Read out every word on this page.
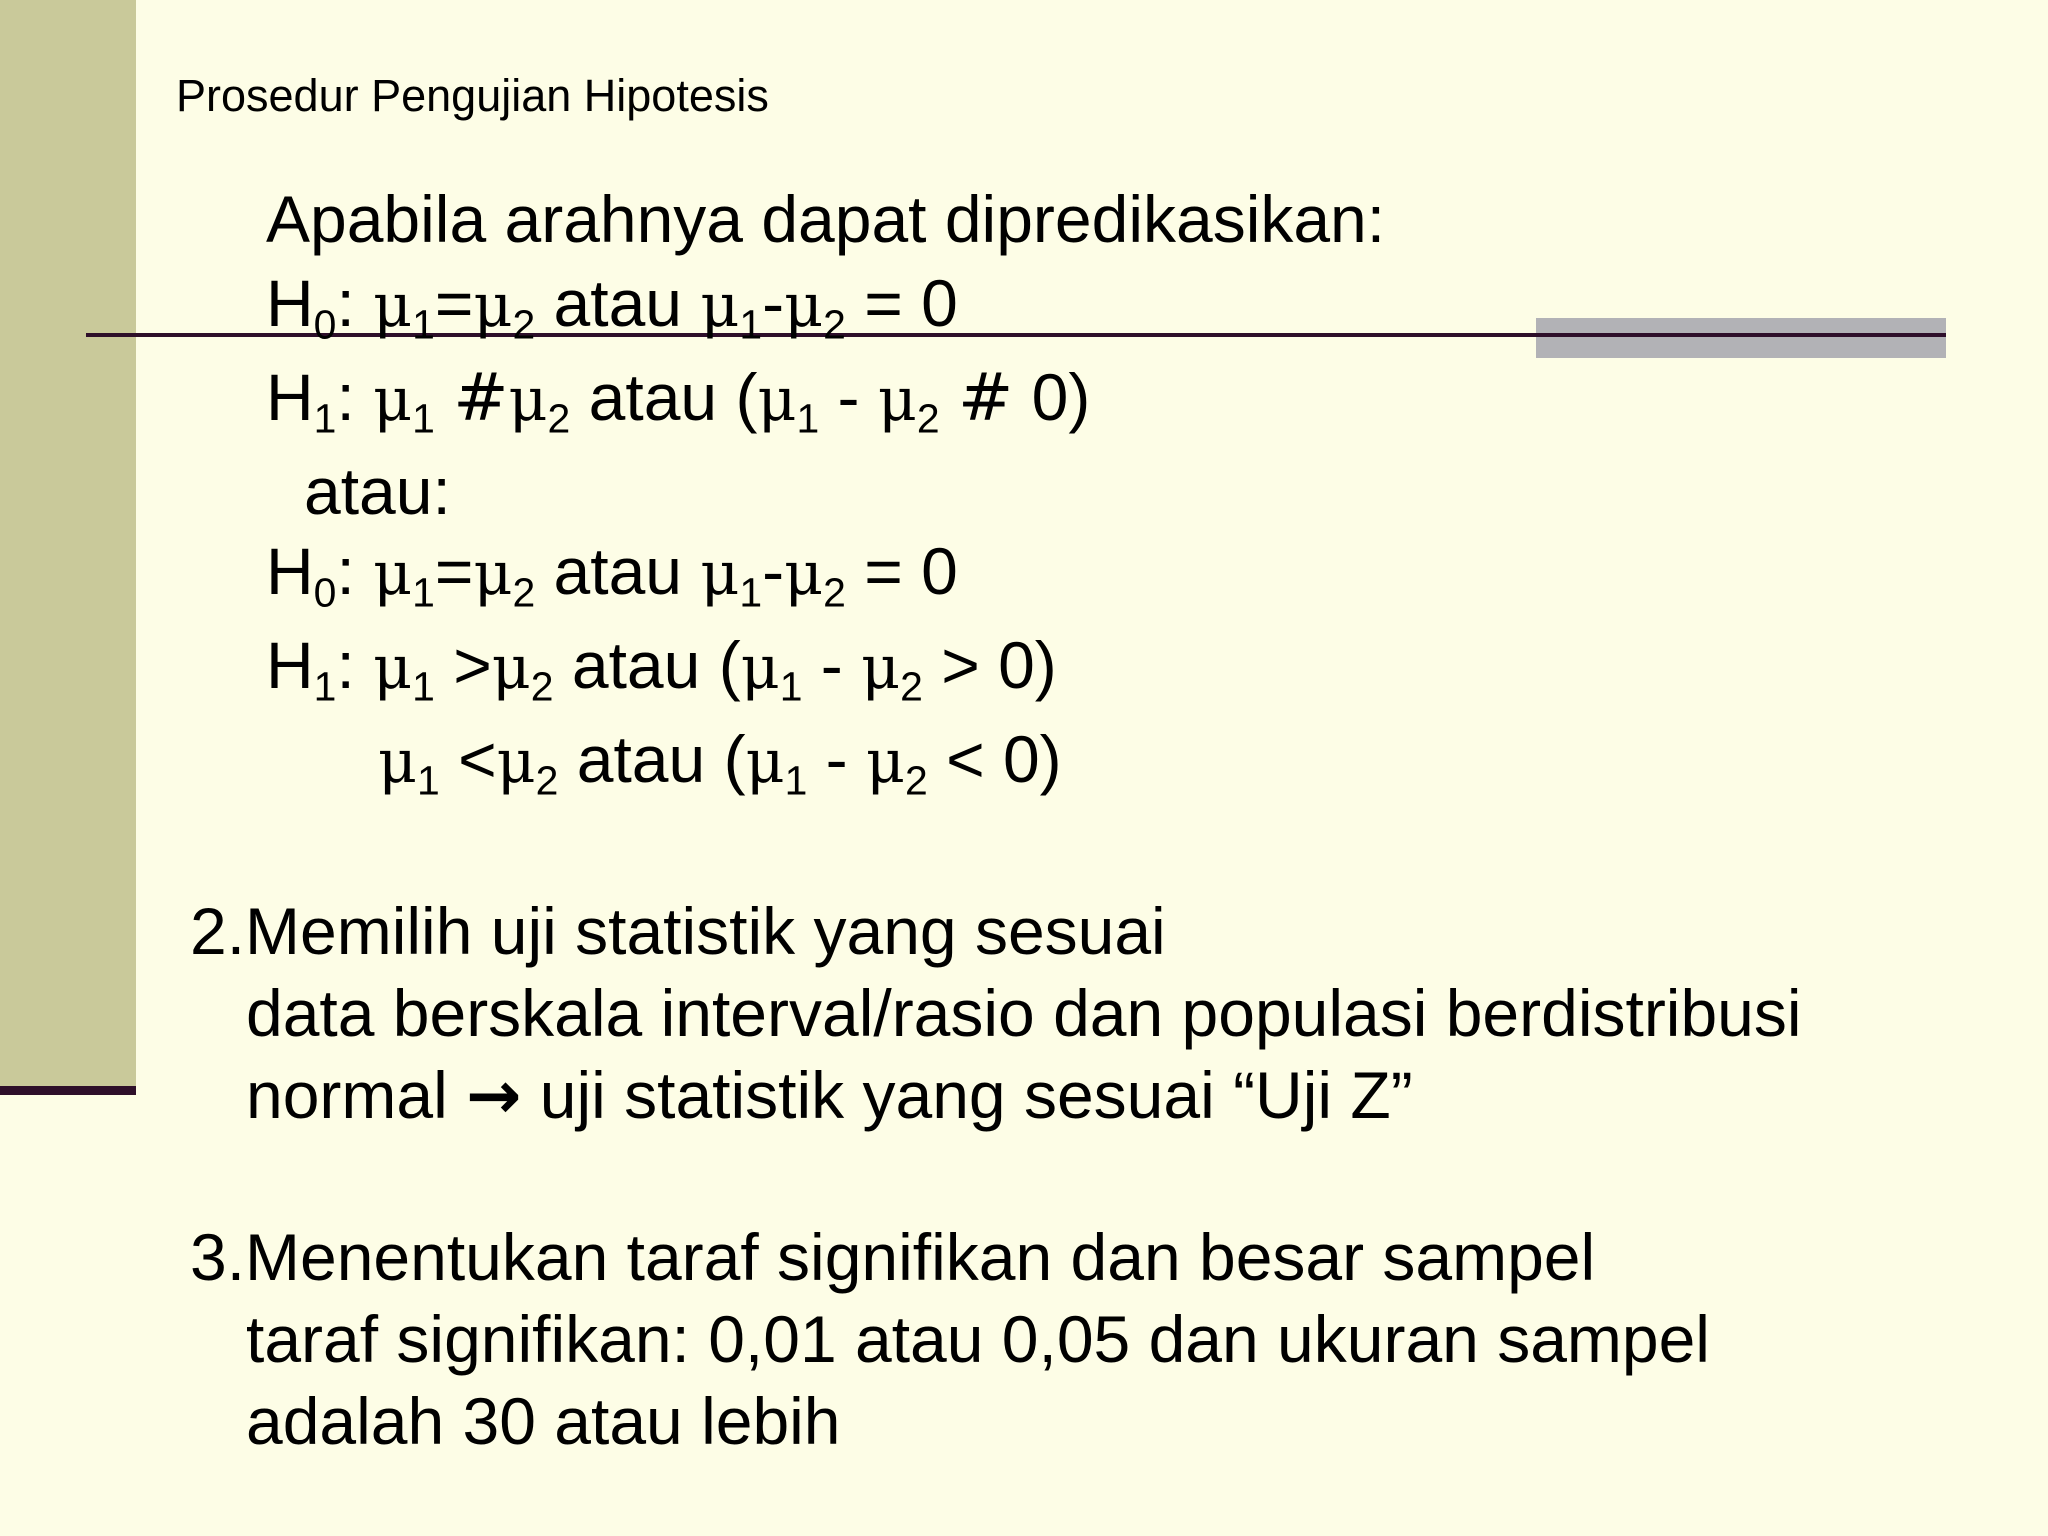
Prosedur Pengujian Hipotesis
Apabila arahnya dapat dipredikasikan:
$H_0$: $\mu_1=\mu_2$ atau $\mu_1-\mu_2 = 0$
$H_1$: $\mu_1$ $\#\mu_2$ atau ($\mu_1 - \mu_2$ # 0)
atau:
$H_0$: $\mu_1=\mu_2$ atau $\mu_1-\mu_2 = 0$
$H_1$: $\mu_1 >\mu_2$ atau $(\mu_1 - \mu_2 > 0)$
$\mu_1 <\mu_2$ atau $(\mu_1 - \mu_2 < 0)$
2.Memilih uji statistik yang sesuai
data berskala interval/rasio dan populasi berdistribusi
normal → uji statistik yang sesuai “Uji Z”
3.Menentukan taraf signifikan dan besar sampel
taraf signifikan: 0,01 atau 0,05 dan ukuran sampel
adalah 30 atau lebih
